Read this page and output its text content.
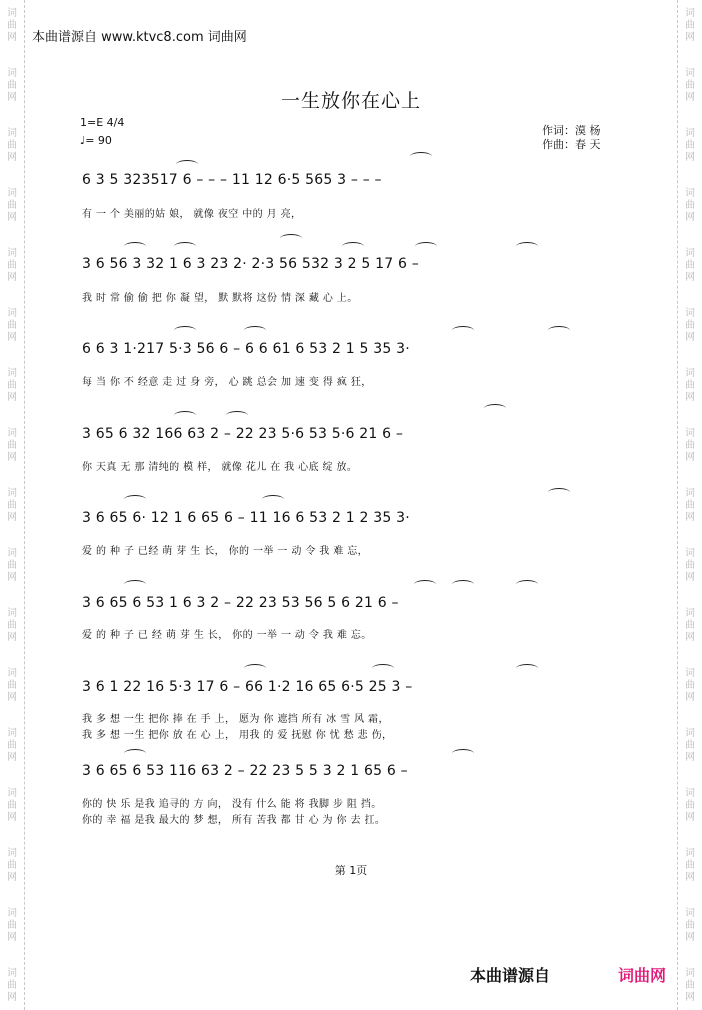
词
曲
网
词
曲
网
词
曲
网
词
曲
网
词
曲
网
词
曲
网
词
曲
网
词
曲
网
词
曲
网
词
曲
网
词
曲
网
词
曲
网
词
曲
网
词
曲
网
词
曲
网
词
曲
网
词
曲
网
词
曲
网
词
曲
网
词
曲
网
词
曲
网
词
曲
网
词
曲
网
词
曲
网
词
曲
网
词
曲
网
词
曲
网
词
曲
网
词
曲
网
词
曲
网
词
曲
网
词
曲
网
词
曲
网
词
曲
网
本曲谱源自 www.ktvc8.com 词曲网
一生放你在心上
1=E 4/4
♩= 90
作词：漠 杨
作曲：春 天
6 3 5 323517 6 – – – 11 12 6·5 565 3 – – –
有 一 个 美丽的姑 娘， 就像 夜空 中的 月 亮，
3 6 56 3 32 1 6 3 23 2· 2·3 56 532 3 2 5 17 6 –
我 时 常 偷 偷 把 你 凝 望， 默 默将 这份 情 深 藏 心 上。
6 6 3 1·217 5·3 56 6 – 6 6 61 6 53 2 1 5 35 3·
每 当 你 不 经意 走 过 身 旁， 心 跳 总会 加 速 变 得 疯 狂，
3 65 6 32 166 63 2 – 22 23 5·6 53 5·6 21 6 –
你 天真 无 那 清纯的 模 样， 就像 花儿 在 我 心底 绽 放。
3 6 65 6· 12 1 6 65 6 – 11 16 6 53 2 1 2 35 3·
爱 的 种 子 已经 萌 芽 生 长， 你的 一举 一 动 令 我 难 忘，
3 6 65 6 53 1 6 3 2 – 22 23 53 56 5 6 21 6 –
爱 的 种 子 已 经 萌 芽 生 长， 你的 一举 一 动 令 我 难 忘。
3 6 1 22 16 5·3 17 6 – 66 1·2 16 65 6·5 25 3 –
我 多 想 一生 把你 捧 在 手 上， 愿为 你 遮挡 所有 冰 雪 风 霜，
我 多 想 一生 把你 放 在 心 上， 用我 的 爱 抚慰 你 忧 愁 悲 伤，
3 6 65 6 53 116 63 2 – 22 23 5 5 3 2 1 65 6 –
你的 快 乐 是我 追寻的 方 向， 没有 什么 能 将 我脚 步 阻 挡。
你的 幸 福 是我 最大的 梦 想， 所有 苦我 都 甘 心 为 你 去 扛。
第 1页
本曲谱源自	词曲网
